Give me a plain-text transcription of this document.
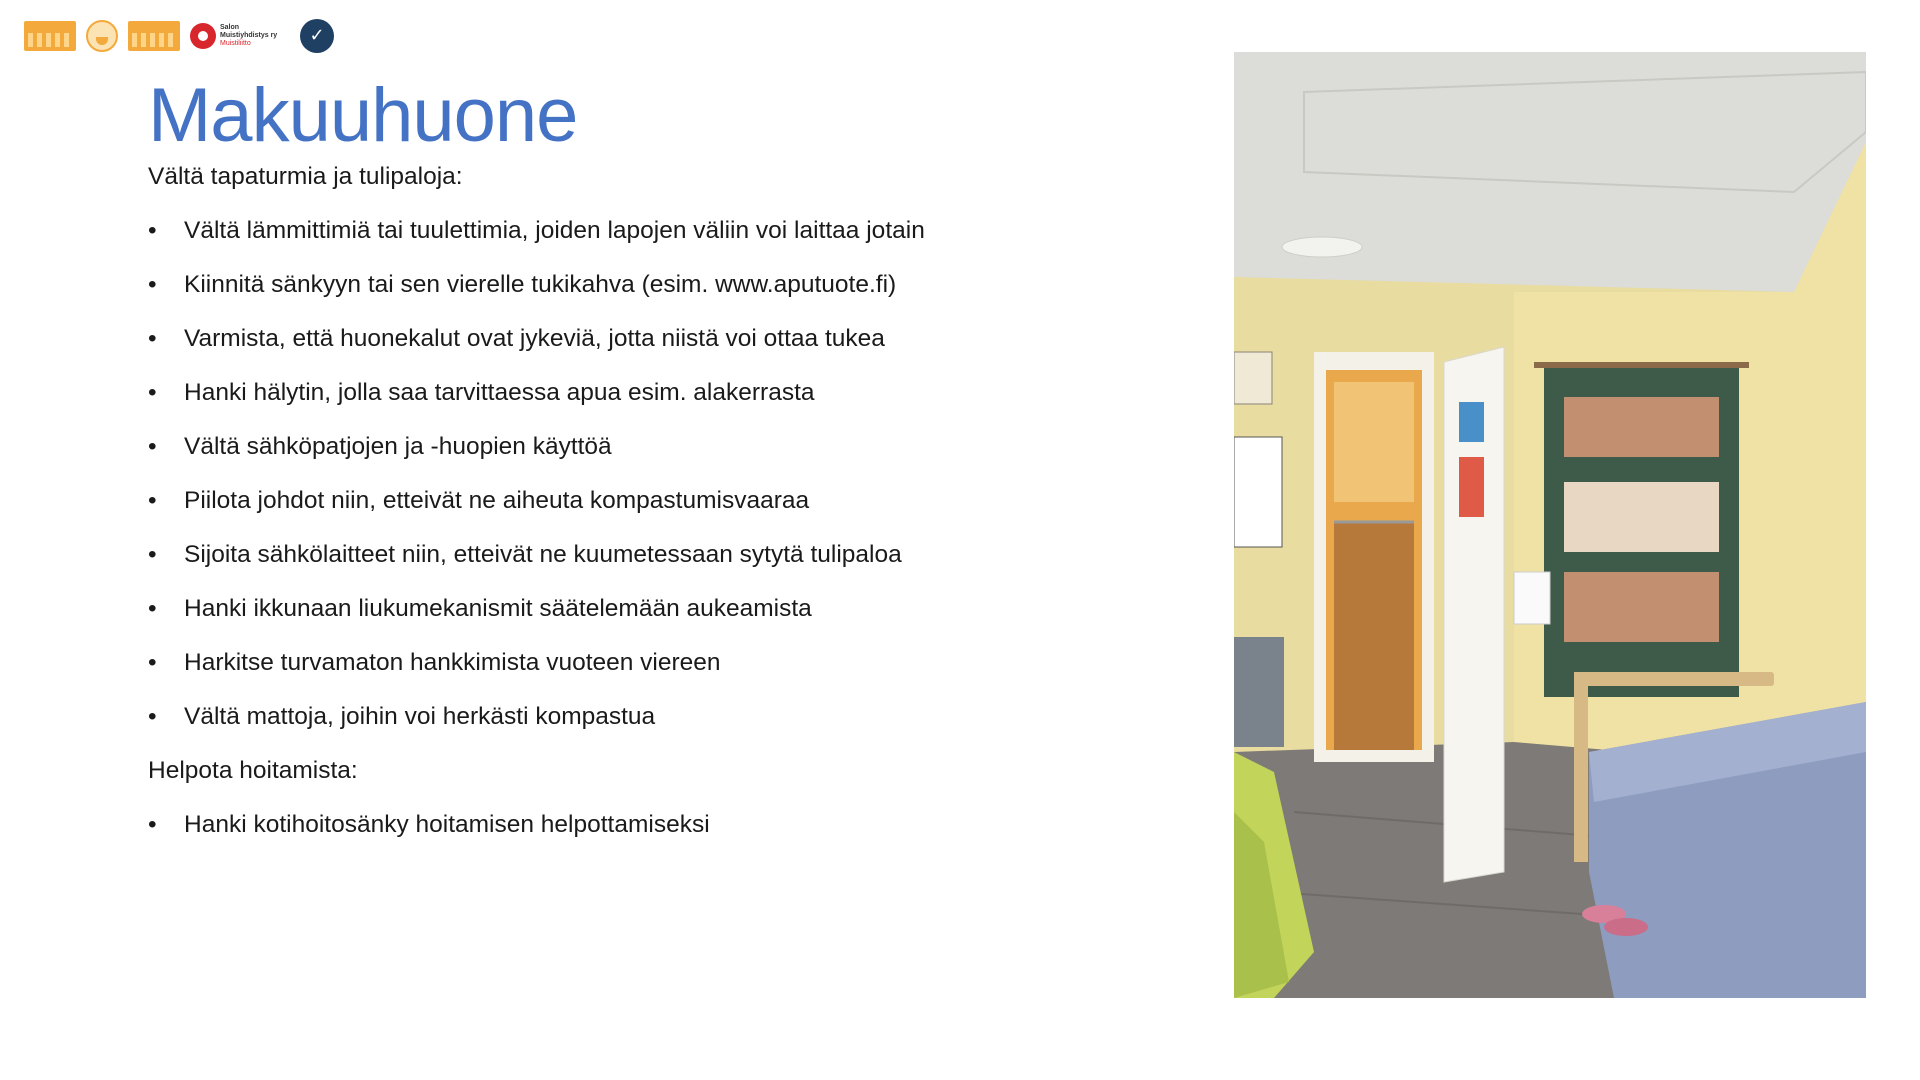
Salon
Muistiyhdistys ry
Muistiliitto
✓
Makuuhuone

Vältä tapaturmia ja tulipaloja:

• Vältä lämmittimiä tai tuulettimia, joiden lapojen väliin voi laittaa jotain
• Kiinnitä sänkyyn tai sen vierelle tukikahva (esim. www.aputuote.fi)
• Varmista, että huonekalut ovat jykeviä, jotta niistä voi ottaa tukea
• Hanki hälytin, jolla saa tarvittaessa apua esim. alakerrasta
• Vältä sähköpatjojen ja -huopien käyttöä
• Piilota johdot niin, etteivät ne aiheuta kompastumisvaaraa
• Sijoita sähkölaitteet niin, etteivät ne kuumetessaan sytytä tulipaloa
• Hanki ikkunaan liukumekanismit säätelemään aukeamista
• Harkitse turvamaton hankkimista vuoteen viereen
• Vältä mattoja, joihin voi herkästi kompastua

Helpota hoitamista:

• Hanki kotihoitosänky hoitamisen helpottamiseksi
